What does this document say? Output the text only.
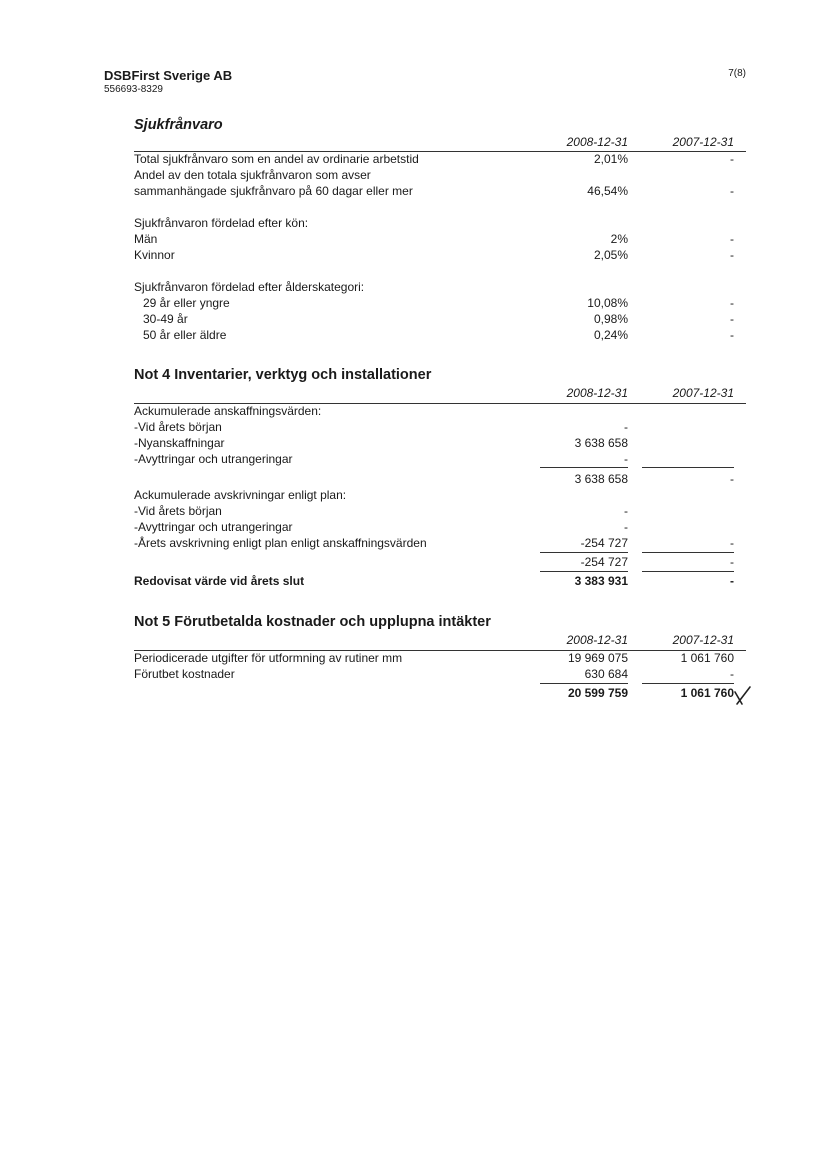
DSBFirst Sverige AB
556693-8329
7(8)
Sjukfrånvaro
2008-12-31	2007-12-31
Total sjukfrånvaro som en andel av ordinarie arbetstid	2,01%	-
Andel av den totala sjukfrånvaron som avser
sammanhängade sjukfrånvaro på 60 dagar eller mer	46,54%	-
Sjukfrånvaron fördelad efter kön:
Män	2%	-
Kvinnor	2,05%	-
Sjukfrånvaron fördelad efter ålderskategori:
29 år eller yngre	10,08%	-
30-49 år	0,98%	-
50 år eller äldre	0,24%	-
Not 4 Inventarier, verktyg och installationer
2008-12-31	2007-12-31
Ackumulerade anskaffningsvärden:
-Vid årets början	-
-Nyanskaffningar	3 638 658
-Avyttringar och utrangeringar	-
3 638 658	-
Ackumulerade avskrivningar enligt plan:
-Vid årets början	-
-Avyttringar och utrangeringar	-
-Årets avskrivning enligt plan enligt anskaffningsvärden	-254 727	-
-254 727	-
Redovisat värde vid årets slut	3 383 931	-
Not 5 Förutbetalda kostnader och upplupna intäkter
2008-12-31	2007-12-31
Periodicerade utgifter för utformning av rutiner mm	19 969 075	1 061 760
Förutbet kostnader	630 684	-
20 599 759	1 061 760
